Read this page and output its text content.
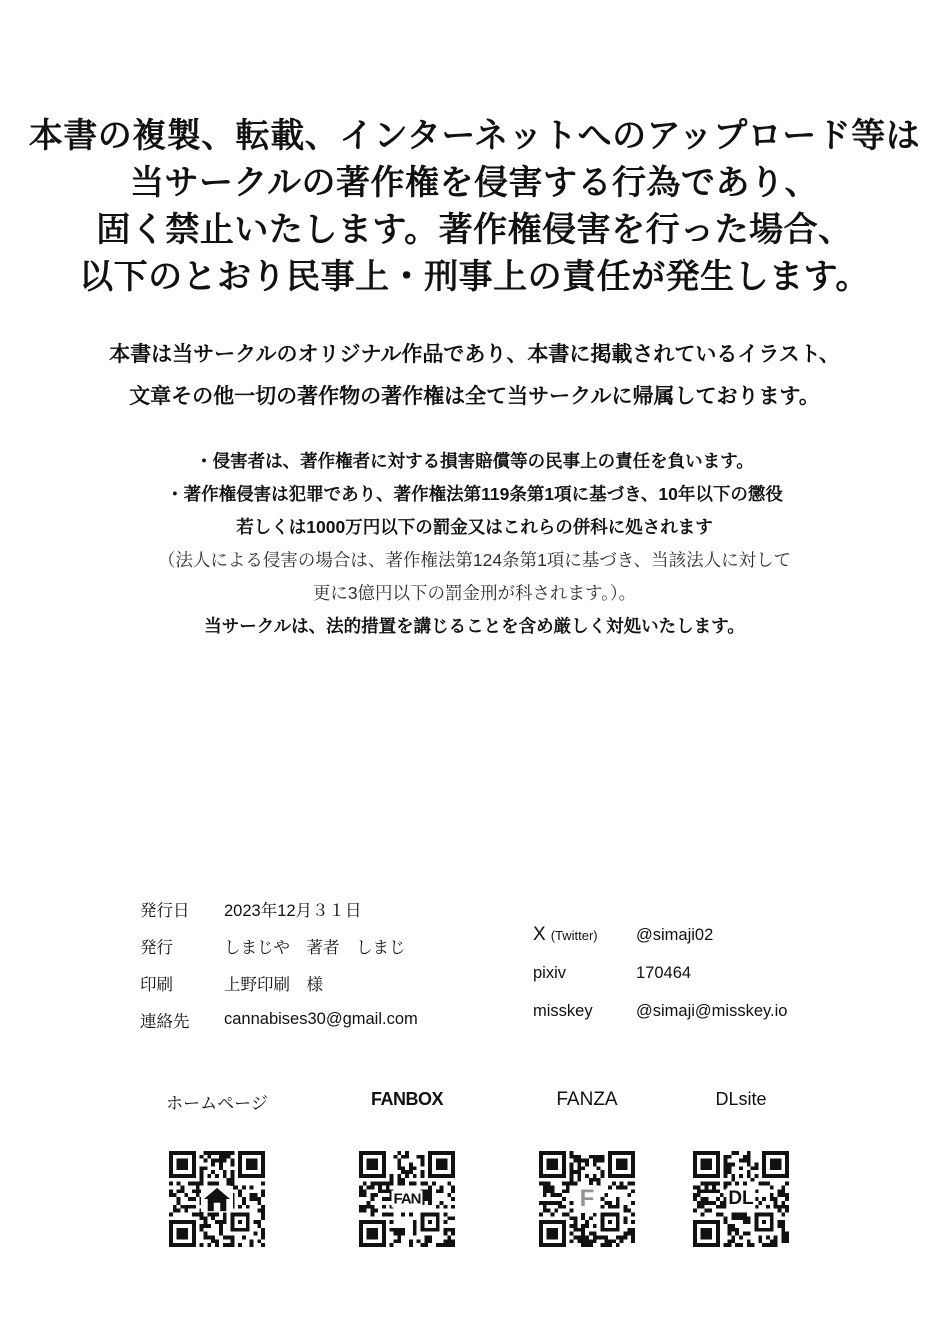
本書の複製、転載、インターネットへのアップロード等は
当サークルの著作権を侵害する行為であり、
固く禁止いたします。著作権侵害を行った場合、
以下のとおり民事上・刑事上の責任が発生します。
本書は当サークルのオリジナル作品であり、本書に掲載されているイラスト、
文章その他一切の著作物の著作権は全て当サークルに帰属しております。
・侵害者は、著作権者に対する損害賠償等の民事上の責任を負います。
・著作権侵害は犯罪であり、著作権法第119条第1項に基づき、10年以下の懲役
若しくは1000万円以下の罰金又はこれらの併科に処されます
（法人による侵害の場合は、著作権法第124条第1項に基づき、当該法人に対して
更に3億円以下の罰金刑が科されます。）。
当サークルは、法的措置を講じることを含め厳しく対処いたします。
発行日	2023年12月３１日
発行	しまじや　著者　しまじ
印刷	上野印刷　様
連絡先	cannabises30@gmail.com
X (Twitter)	@simaji02
pixiv	170464
misskey	@simaji@misskey.io
ホームページ	FANBOX	FANZA	DLsite
FAN	F	DL
